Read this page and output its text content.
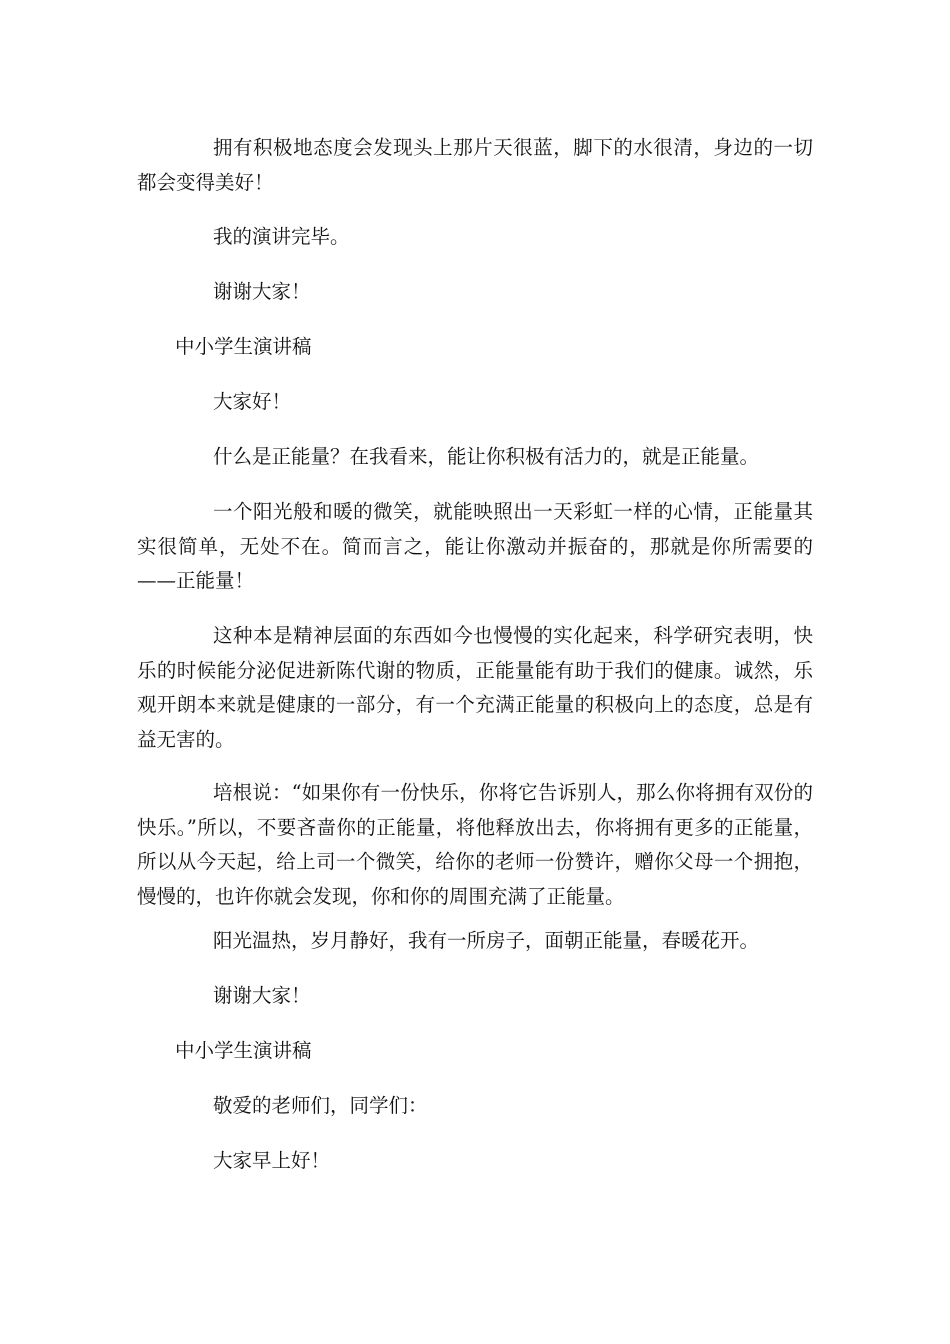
拥有积极地态度会发现头上那片天很蓝，脚下的水很清，身边的一切都会变得美好！

我的演讲完毕。

谢谢大家！

中小学生演讲稿

大家好！

什么是正能量？在我看来，能让你积极有活力的，就是正能量。

一个阳光般和暖的微笑，就能映照出一天彩虹一样的心情，正能量其实很简单，无处不在。简而言之，能让你激动并振奋的，那就是你所需要的——正能量！

这种本是精神层面的东西如今也慢慢的实化起来，科学研究表明，快乐的时候能分泌促进新陈代谢的物质，正能量能有助于我们的健康。诚然，乐观开朗本来就是健康的一部分，有一个充满正能量的积极向上的态度，总是有益无害的。

培根说：“如果你有一份快乐，你将它告诉别人，那么你将拥有双份的快乐。”所以，不要吝啬你的正能量，将他释放出去，你将拥有更多的正能量，所以从今天起，给上司一个微笑，给你的老师一份赞许，赠你父母一个拥抱，慢慢的，也许你就会发现，你和你的周围充满了正能量。

阳光温热，岁月静好，我有一所房子，面朝正能量，春暖花开。

谢谢大家！

中小学生演讲稿

敬爱的老师们，同学们：

大家早上好！
